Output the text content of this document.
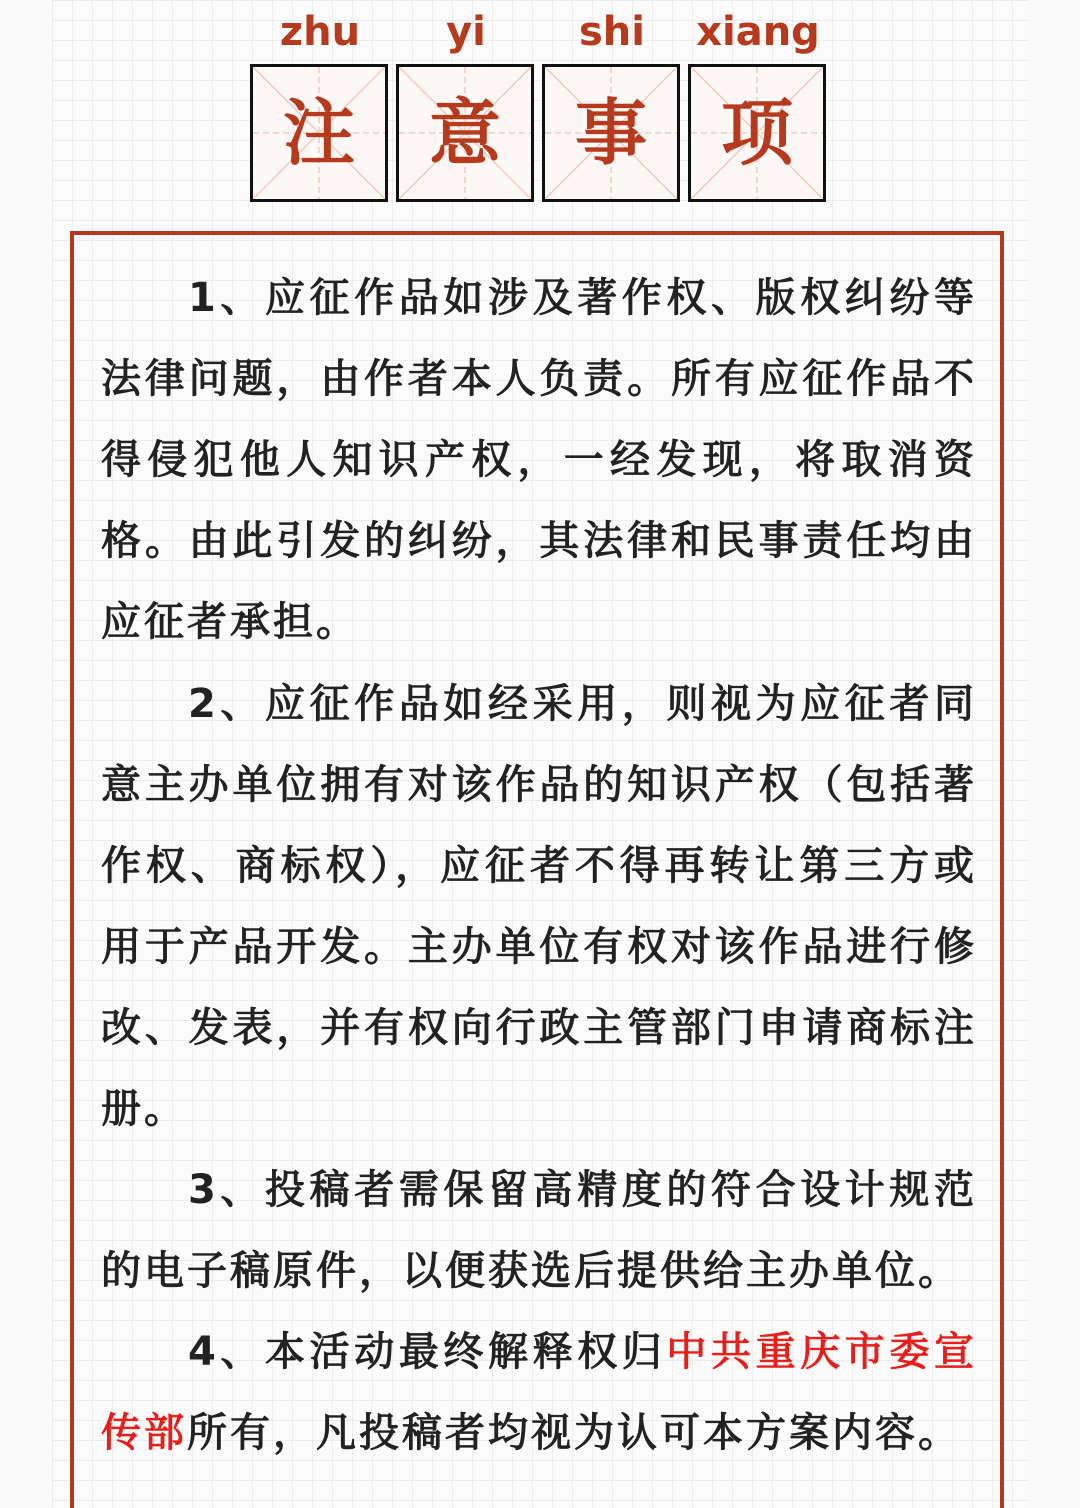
zhu	yi	shi	xiang
注	意	事	项

1、应征作品如涉及著作权、版权纠纷等法律问题，由作者本人负责。所有应征作品不得侵犯他人知识产权，一经发现，将取消资格。由此引发的纠纷，其法律和民事责任均由应征者承担。

2、应征作品如经采用，则视为应征者同意主办单位拥有对该作品的知识产权（包括著作权、商标权），应征者不得再转让第三方或用于产品开发。主办单位有权对该作品进行修改、发表，并有权向行政主管部门申请商标注册。

3、投稿者需保留高精度的符合设计规范的电子稿原件，以便获选后提供给主办单位。

4、本活动最终解释权归中共重庆市委宣传部所有，凡投稿者均视为认可本方案内容。
